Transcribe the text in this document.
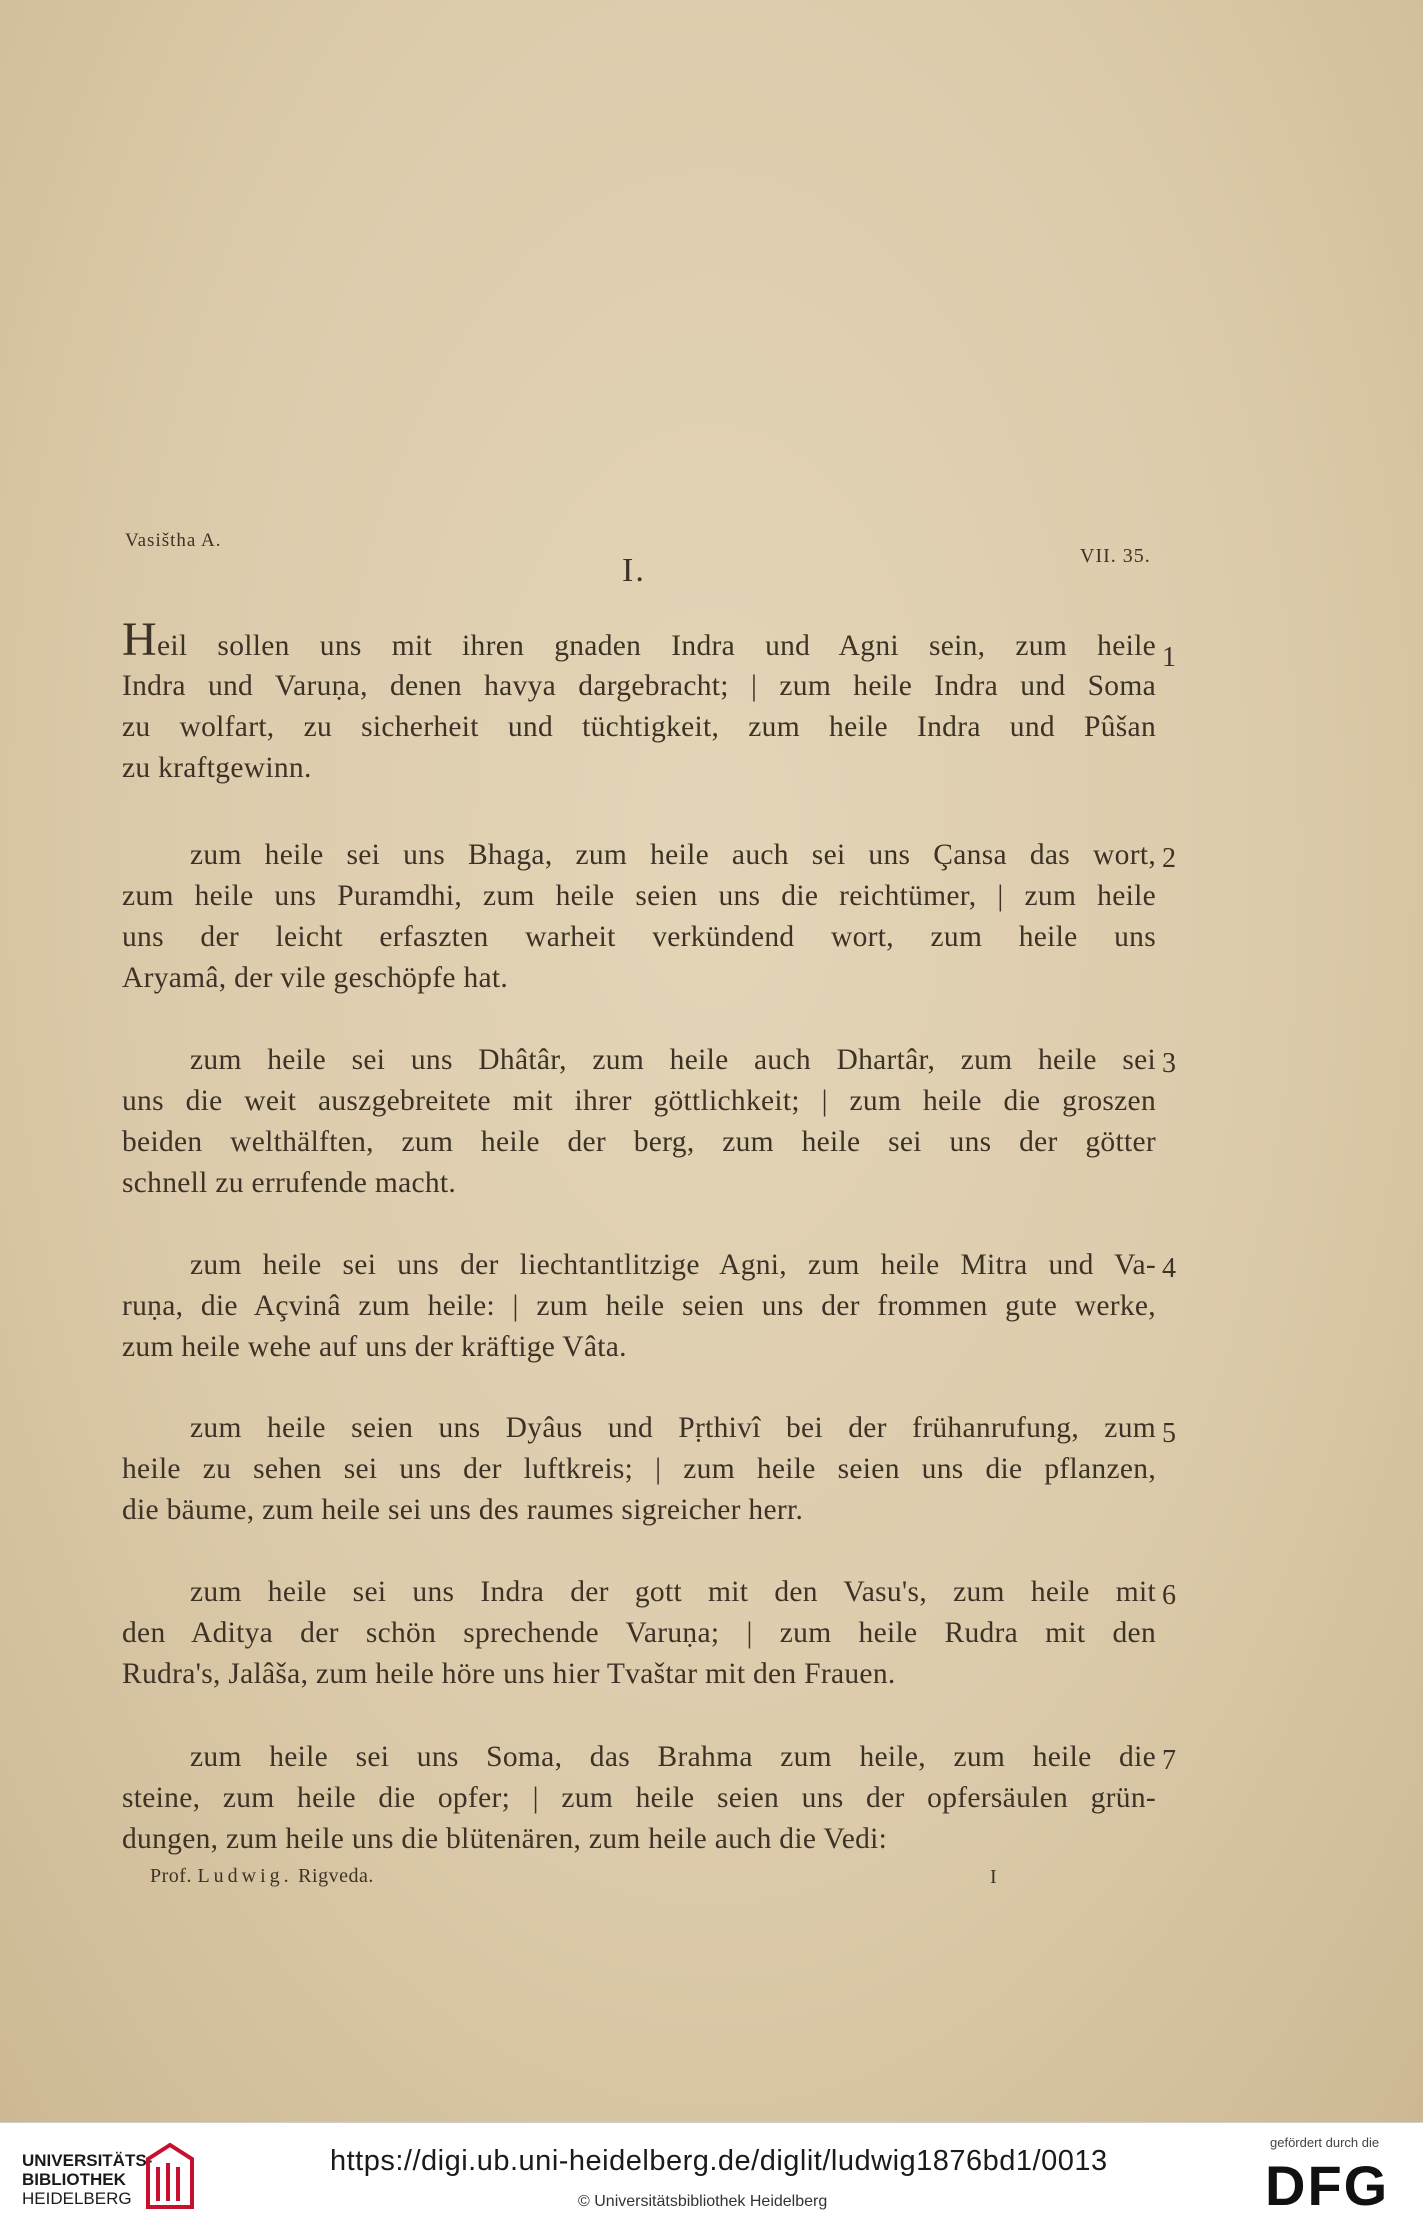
Vasištha A.
I.	VII. 35.
Heil sollen uns mit ihren gnaden Indra und Agni sein, zum heile
Indra und Varuṇa, denen havya dargebracht; | zum heile Indra und Soma
zu wolfart, zu sicherheit und tüchtigkeit, zum heile Indra und Pûšan
zu kraftgewinn.
1
zum heile sei uns Bhaga, zum heile auch sei uns Çansa das wort,
zum heile uns Puramdhi, zum heile seien uns die reichtümer, | zum heile
uns der leicht erfaszten warheit verkündend wort, zum heile uns
Aryamâ, der vile geschöpfe hat.
2
zum heile sei uns Dhâtâr, zum heile auch Dhartâr, zum heile sei
uns die weit auszgebreitete mit ihrer göttlichkeit; | zum heile die groszen
beiden welthälften, zum heile der berg, zum heile sei uns der götter
schnell zu errufende macht.
3
zum heile sei uns der liechtantlitzige Agni, zum heile Mitra und Va-
ruṇa, die Açvinâ zum heile: | zum heile seien uns der frommen gute werke,
zum heile wehe auf uns der kräftige Vâta.
4
zum heile seien uns Dyâus und Pṛthivî bei der frühanrufung, zum
heile zu sehen sei uns der luftkreis; | zum heile seien uns die pflanzen,
die bäume, zum heile sei uns des raumes sigreicher herr.
5
zum heile sei uns Indra der gott mit den Vasu's, zum heile mit
den Aditya der schön sprechende Varuṇa; | zum heile Rudra mit den
Rudra's, Jalâša, zum heile höre uns hier Tvaštar mit den Frauen.
6
zum heile sei uns Soma, das Brahma zum heile, zum heile die
steine, zum heile die opfer; | zum heile seien uns der opfersäulen grün-
dungen, zum heile uns die blütenären, zum heile auch die Vedi:
7
Prof. Ludwig. Rigveda.	I
UNIVERSITÄTS-
BIBLIOTHEK
HEIDELBERG
https://digi.ub.uni-heidelberg.de/diglit/ludwig1876bd1/0013
© Universitätsbibliothek Heidelberg
gefördert durch die
DFG
